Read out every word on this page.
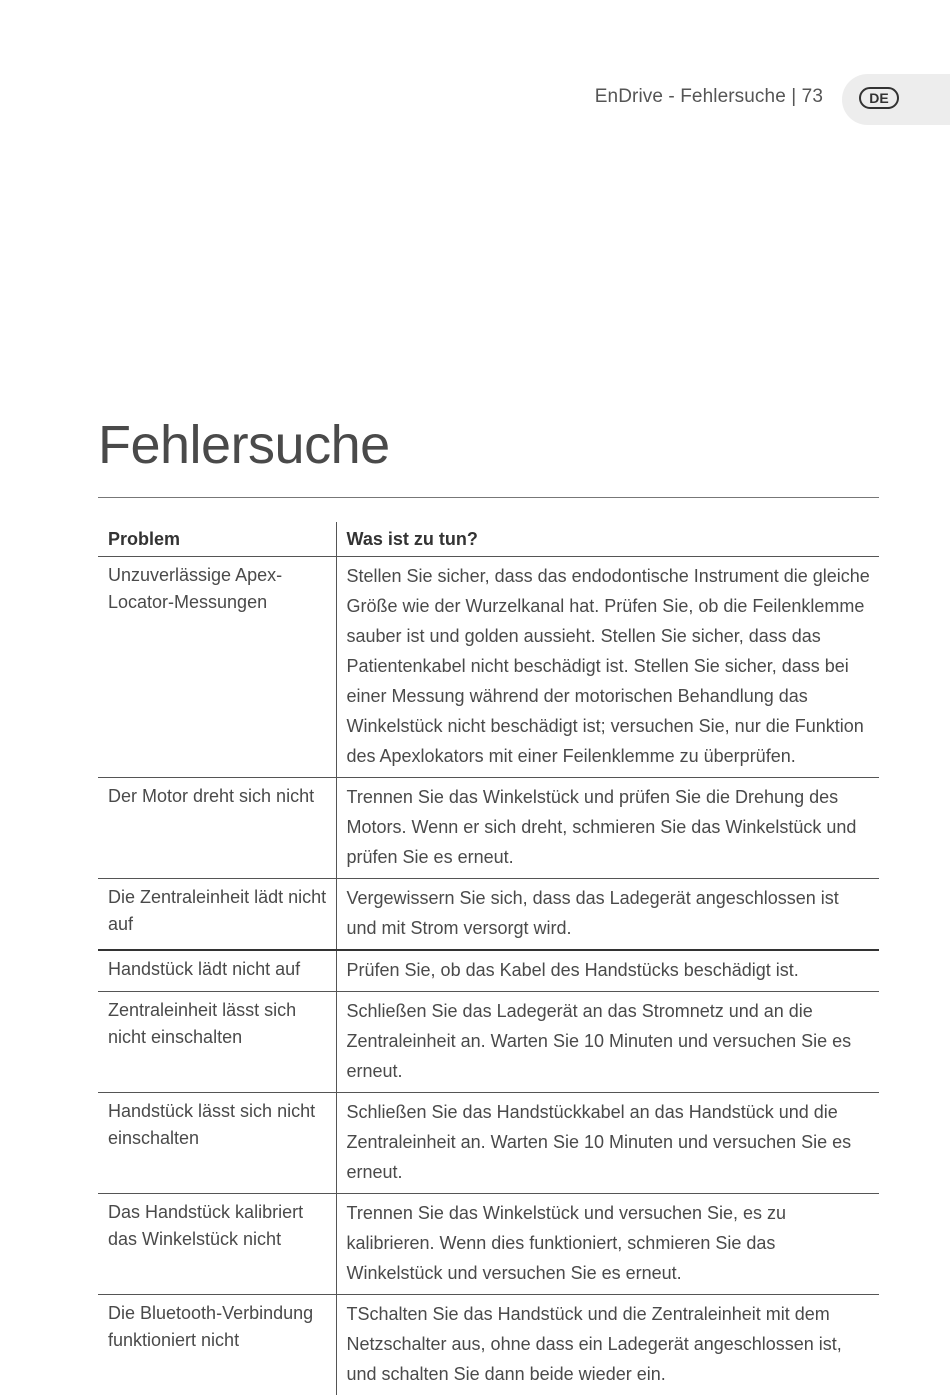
EnDrive - Fehlersuche | 73	DE
Fehlersuche
Problem	Was ist zu tun?
Unzuverlässige Apex-Locator-Messungen	Stellen Sie sicher, dass das endodontische Instrument die gleiche Größe wie der Wurzelkanal hat. Prüfen Sie, ob die Feilenklemme sauber ist und golden aussieht. Stellen Sie sicher, dass das Patientenkabel nicht beschädigt ist. Stellen Sie sicher, dass bei einer Messung während der motorischen Behandlung das Winkelstück nicht beschädigt ist; versuchen Sie, nur die Funktion des Apexlokators mit einer Feilenklemme zu überprüfen.
Der Motor dreht sich nicht	Trennen Sie das Winkelstück und prüfen Sie die Drehung des Motors. Wenn er sich dreht, schmieren Sie das Winkelstück und prüfen Sie es erneut.
Die Zentraleinheit lädt nicht auf	Vergewissern Sie sich, dass das Ladegerät angeschlossen ist und mit Strom versorgt wird.
Handstück lädt nicht auf	Prüfen Sie, ob das Kabel des Handstücks beschädigt ist.
Zentraleinheit lässt sich nicht einschalten	Schließen Sie das Ladegerät an das Stromnetz und an die Zentraleinheit an. Warten Sie 10 Minuten und versuchen Sie es erneut.
Handstück lässt sich nicht einschalten	Schließen Sie das Handstückkabel an das Handstück und die Zentraleinheit an. Warten Sie 10 Minuten und versuchen Sie es erneut.
Das Handstück kalibriert das Winkelstück nicht	Trennen Sie das Winkelstück und versuchen Sie, es zu kalibrieren. Wenn dies funktioniert, schmieren Sie das Winkelstück und versuchen Sie es erneut.
Die Bluetooth-Verbindung funktioniert nicht	TSchalten Sie das Handstück und die Zentraleinheit mit dem Netzschalter aus, ohne dass ein Ladegerät angeschlossen ist, und schalten Sie dann beide wieder ein.
